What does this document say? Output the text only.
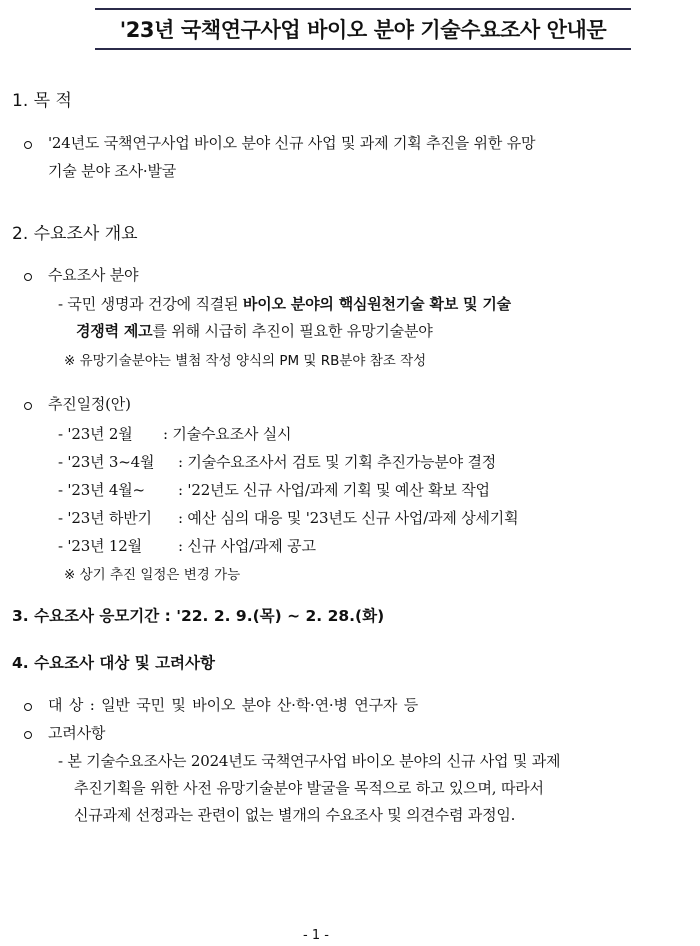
'23년 국책연구사업 바이오 분야 기술수요조사 안내문
1. 목 적
'24년도 국책연구사업 바이오 분야 신규 사업 및 과제 기획 추진을 위한 유망
기술 분야 조사·발굴
2. 수요조사 개요
수요조사 분야
- 국민 생명과 건강에 직결된 바이오 분야의 핵심원천기술 확보 및 기술
경쟁력 제고를 위해 시급히 추진이 필요한 유망기술분야
※ 유망기술분야는 별첨 작성 양식의 PM 및 RB분야 참조 작성
추진일정(안)
- '23년 2월 : 기술수요조사 실시
- '23년 3~4월 : 기술수요조사서 검토 및 기획 추진가능분야 결정
- '23년 4월~ : '22년도 신규 사업/과제 기획 및 예산 확보 작업
- '23년 하반기 : 예산 심의 대응 및 '23년도 신규 사업/과제 상세기획
- '23년 12월 : 신규 사업/과제 공고
※ 상기 추진 일정은 변경 가능
3. 수요조사 응모기간 : '22. 2. 9.(목) ~ 2. 28.(화)
4. 수요조사 대상 및 고려사항
대 상 : 일반 국민 및 바이오 분야 산·학·연·병 연구자 등
고려사항
- 본 기술수요조사는 2024년도 국책연구사업 바이오 분야의 신규 사업 및 과제
추진기획을 위한 사전 유망기술분야 발굴을 목적으로 하고 있으며, 따라서
신규과제 선정과는 관련이 없는 별개의 수요조사 및 의견수렴 과정임.
- 1 -
